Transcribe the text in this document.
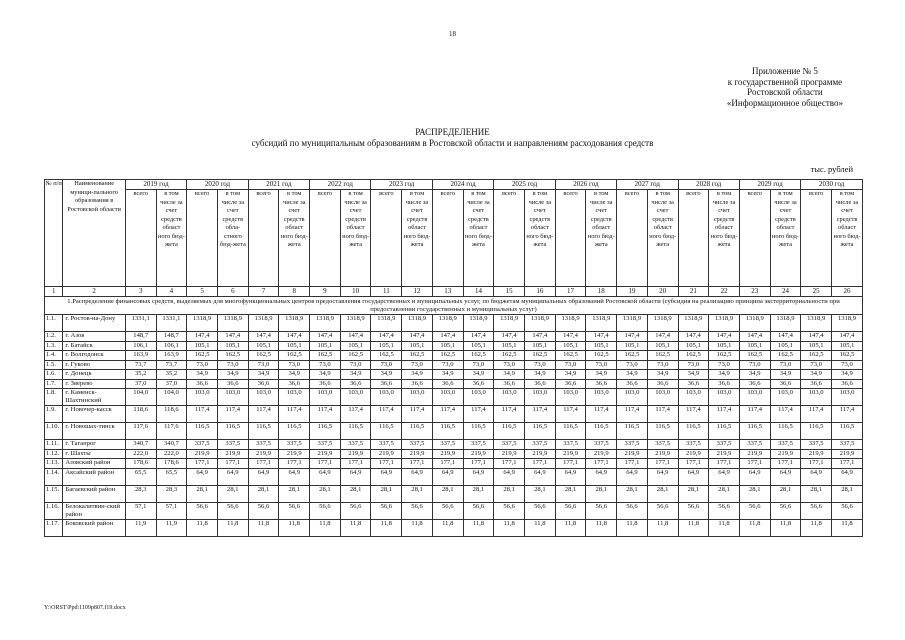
18
Приложение № 5
к государственной программе
Ростовской области
«Информационное общество»
РАСПРЕДЕЛЕНИЕ
субсидий по муниципальным образованиям в Ростовской области и направлениям расходования средств
тыс. рублей
№ п/п	Наименование муници-пального образования в Ростовской области	2019 год		2020 год		2021 год		2022 год		2023 год		2024 год		2025 год		2026 год		2027 год		2028 год		2029 год		2030 год	
		всего	в том числе за счет средств област ного бюд-жета	всего	в том числе за счет средств обла-стного бюд-жета	всего	в том числе за счет средств област ного бюд-жета	всего	в том числе за счет средств област ного бюд-жета	всего	в том числе за счет средств област ного бюд-жета	всего	в том числе за счет средств област ного бюд-жета	всего	в том числе за счет средств област ного бюд-жета	всего	в том числе за счет средств област ного бюд-жета	всего	в том числе за счет средств област ного бюд-жета	всего	в том числе за счет средств област ного бюд-жета	всего	в том числе за счет средств област ного бюд-жета	всего	в том числе за счет средств област ного бюд-жета
1	2	3	4	5	6	7	8	9	10	11	12	13	14	15	16	17	18	19	20	21	22	23	24	25	26
1.Распределение финансовых средств, выделяемых для многофункциональных центров предоставления государственных и муниципальных услуг, по бюджетам муниципальных образований Ростовской области (субсидия на реализацию принципа экстерриториальности при предоставлении государственных и муниципальных услуг)																									
1.1.	г. Ростов-на-Дону	1331,1	1331,1	1318,9	1318,9	1318,9	1318,9	1318,9	1318,9	1318,9	1318,9	1318,9	1318,9	1318,9	1318,9	1318,9	1318,9	1318,9	1318,9	1318,9	1318,9	1318,9	1318,9	1318,9	1318,9
1.2.	г. Азов	148,7	148,7	147,4	147,4	147,4	147,4	147,4	147,4	147,4	147,4	147,4	147,4	147,4	147,4	147,4	147,4	147,4	147,4	147,4	147,4	147,4	147,4	147,4	147,4
1.3.	г. Батайск	106,1	106,1	105,1	105,1	105,1	105,1	105,1	105,1	105,1	105,1	105,1	105,1	105,1	105,1	105,1	105,1	105,1	105,1	105,1	105,1	105,1	105,1	105,1	105,1
1.4.	г. Волгодонск	163,9	163,9	162,5	162,5	162,5	162,5	162,5	162,5	162,5	162,5	162,5	162,5	162,5	162,5	162,5	162,5	162,5	162,5	162,5	162,5	162,5	162,5	162,5	162,5
1.5.	г. Гуково	73,7	73,7	73,0	73,0	73,0	73,0	73,0	73,0	73,0	73,0	73,0	73,0	73,0	73,0	73,0	73,0	73,0	73,0	73,0	73,0	73,0	73,0	73,0	73,0
1.6.	г. Донецк	35,2	35,2	34,9	34,9	34,9	34,9	34,9	34,9	34,9	34,9	34,9	34,9	34,9	34,9	34,9	34,9	34,9	34,9	34,9	34,9	34,9	34,9	34,9	34,9
1.7.	г. Зверево	37,0	37,0	36,6	36,6	36,6	36,6	36,6	36,6	36,6	36,6	36,6	36,6	36,6	36,6	36,6	36,6	36,6	36,6	36,6	36,6	36,6	36,6	36,6	36,6
1.8.	г. Каменск-Шахтинский	104,0	104,0	103,0	103,0	103,0	103,0	103,0	103,0	103,0	103,0	103,0	103,0	103,0	103,0	103,0	103,0	103,0	103,0	103,0	103,0	103,0	103,0	103,0	103,0
1.9.	г. Новочер-касск	118,6	118,6	117,4	117,4	117,4	117,4	117,4	117,4	117,4	117,4	117,4	117,4	117,4	117,4	117,4	117,4	117,4	117,4	117,4	117,4	117,4	117,4	117,4	117,4
1.10.	г. Новошах-тинск	117,6	117,6	116,5	116,5	116,5	116,5	116,5	116,5	116,5	116,5	116,5	116,5	116,5	116,5	116,5	116,5	116,5	116,5	116,5	116,5	116,5	116,5	116,5	116,5
1.11.	г. Таганрог	340,7	340,7	337,5	337,5	337,5	337,5	337,5	337,5	337,5	337,5	337,5	337,5	337,5	337,5	337,5	337,5	337,5	337,5	337,5	337,5	337,5	337,5	337,5	337,5
1.12.	г. Шахты	222,0	222,0	219,9	219,9	219,9	219,9	219,9	219,9	219,9	219,9	219,9	219,9	219,9	219,9	219,9	219,9	219,9	219,9	219,9	219,9	219,9	219,9	219,9	219,9
1.13.	Азовский район	178,6	178,6	177,1	177,1	177,1	177,1	177,1	177,1	177,1	177,1	177,1	177,1	177,1	177,1	177,1	177,1	177,1	177,1	177,1	177,1	177,1	177,1	177,1	177,1
1.14.	Аксайский район	65,5	65,5	64,9	64,9	64,9	64,9	64,9	64,9	64,9	64,9	64,9	64,9	64,9	64,9	64,9	64,9	64,9	64,9	64,9	64,9	64,9	64,9	64,9	64,9
1.15.	Багаевский район	28,3	28,3	28,1	28,1	28,1	28,1	28,1	28,1	28,1	28,1	28,1	28,1	28,1	28,1	28,1	28,1	28,1	28,1	28,1	28,1	28,1	28,1	28,1	28,1
1.16.	Белокалитвин-ский район	57,1	57,1	56,6	56,6	56,6	56,6	56,6	56,6	56,6	56,6	56,6	56,6	56,6	56,6	56,6	56,6	56,6	56,6	56,6	56,6	56,6	56,6	56,6	56,6
1.17.	Боковский район	11,9	11,9	11,8	11,8	11,8	11,8	11,8	11,8	11,8	11,8	11,8	11,8	11,8	11,8	11,8	11,8	11,8	11,8	11,8	11,8	11,8	11,8	11,8	11,8
Y:\ORST\Ppd\1109p807.f19.docx
